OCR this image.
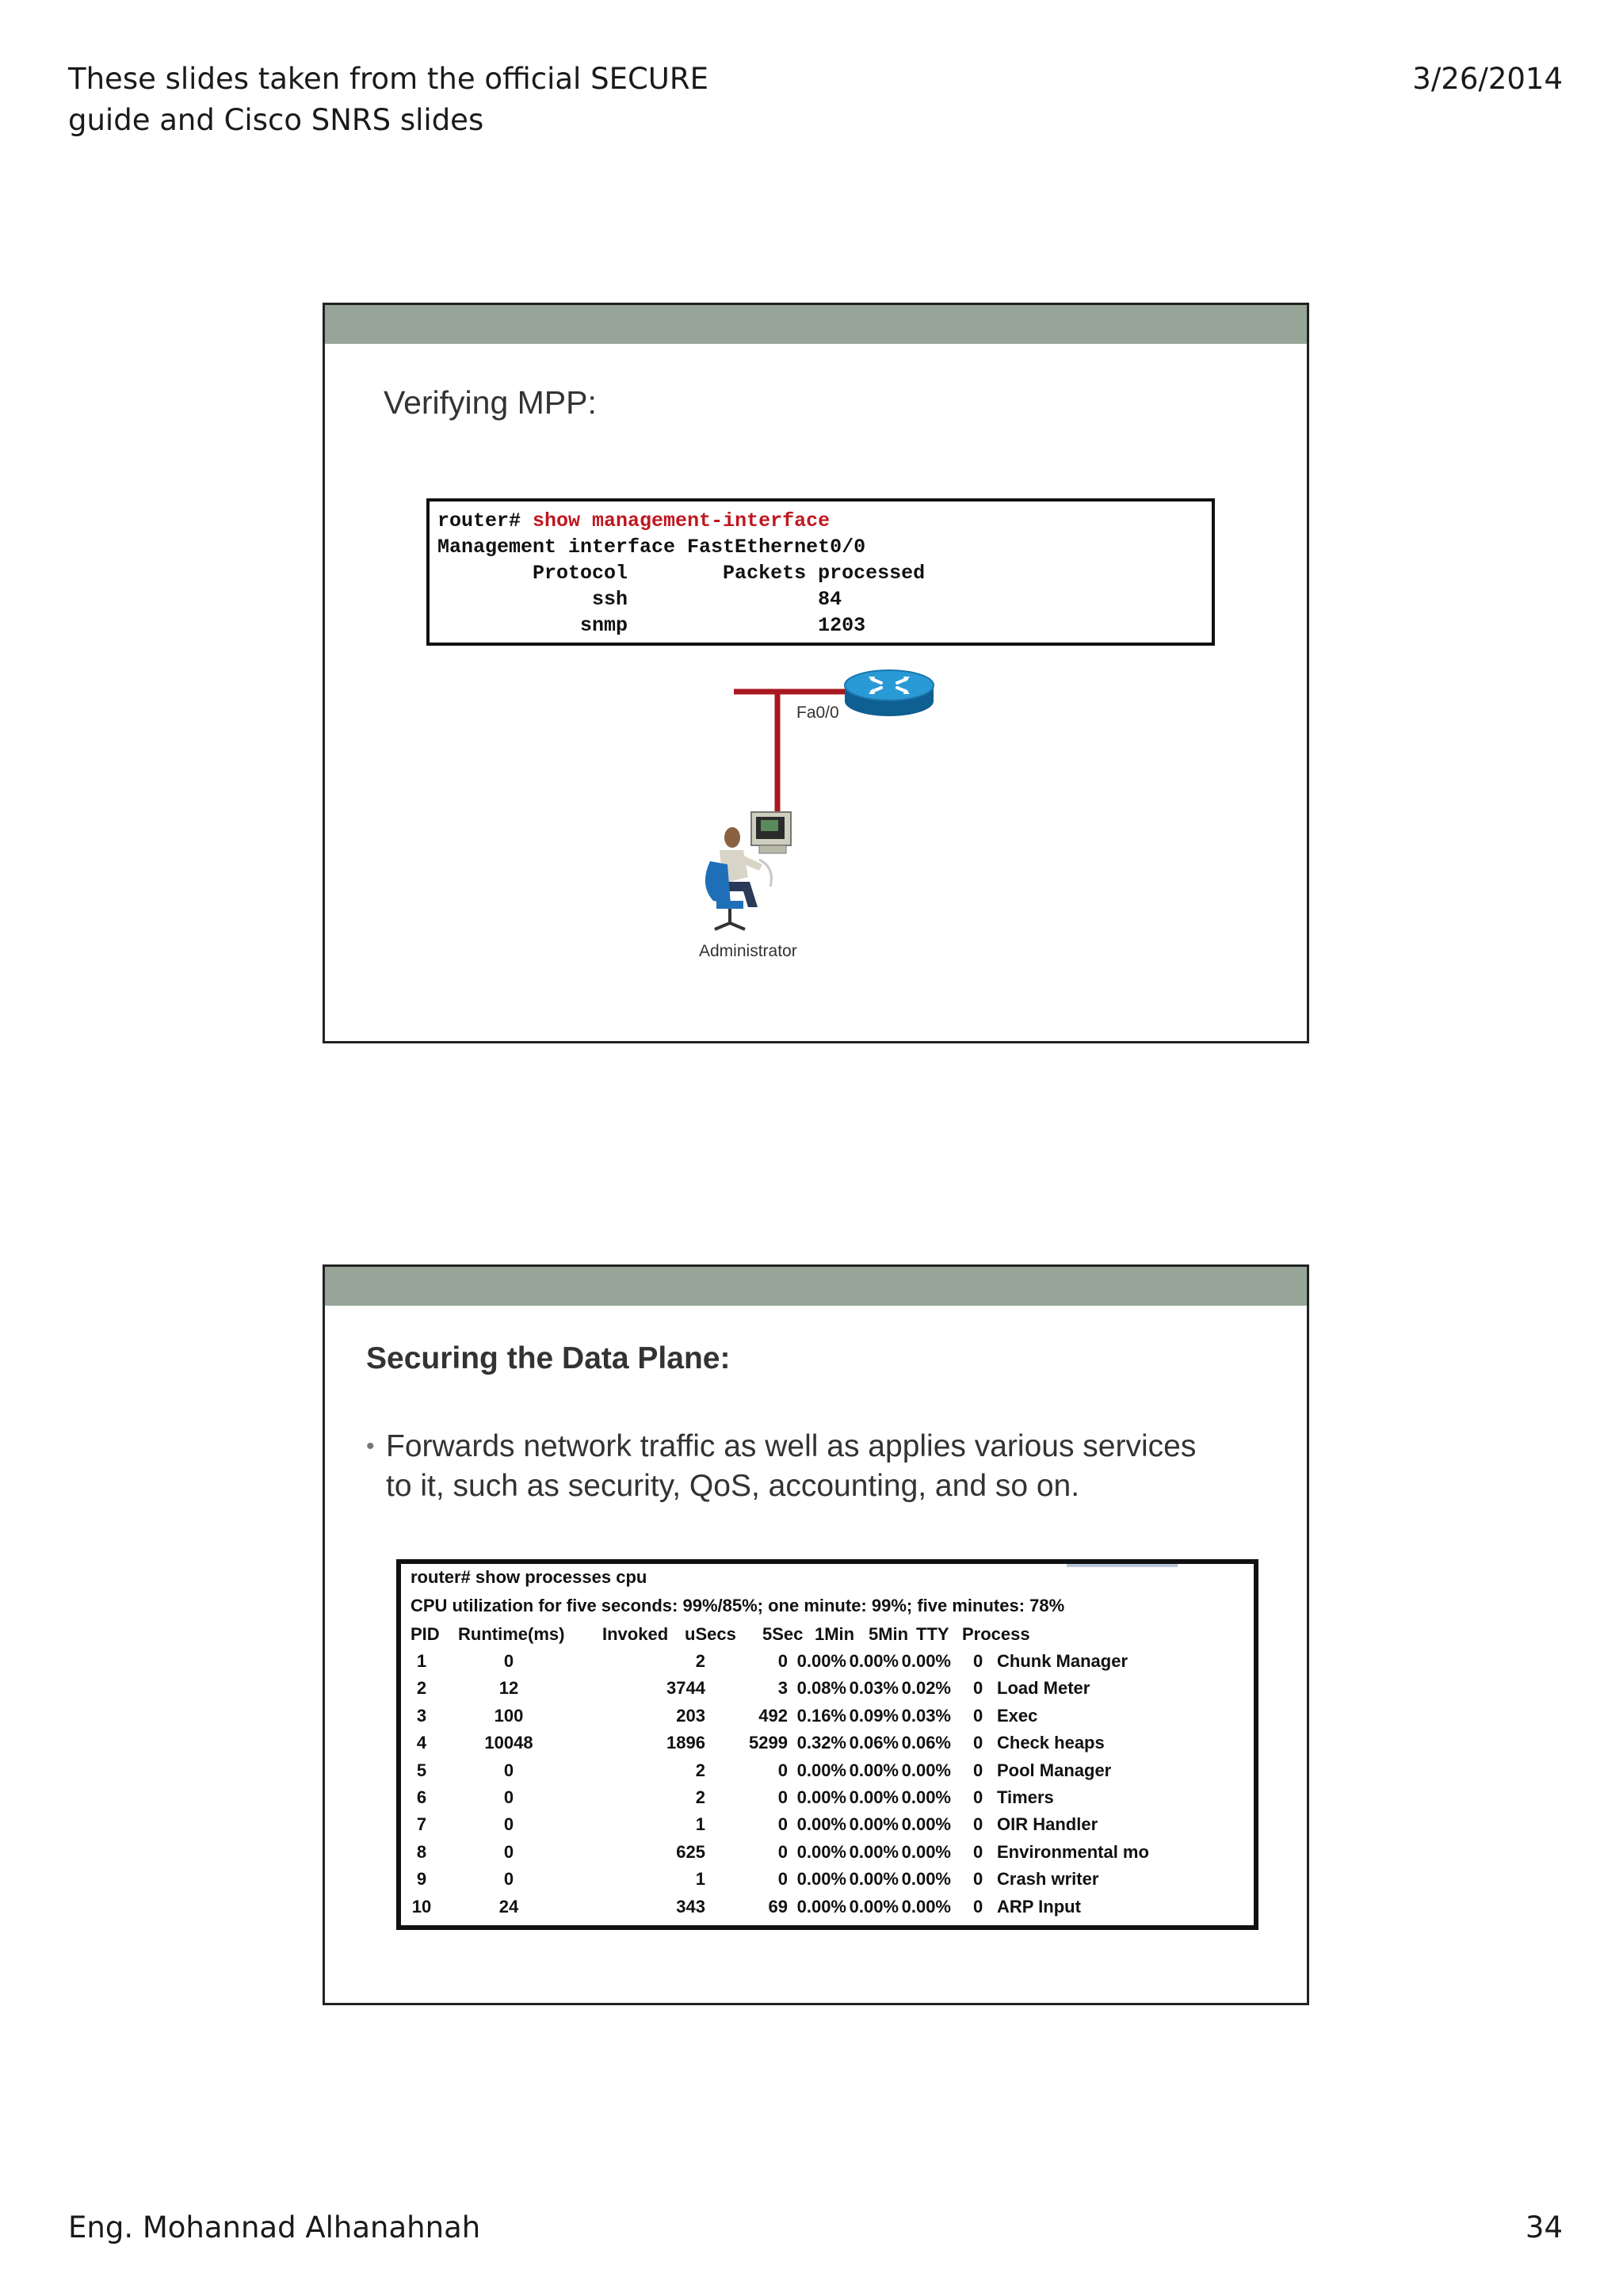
These slides taken from the official SECURE
guide and Cisco SNRS slides
3/26/2014
Eng. Mohannad Alhanahnah	34
Verifying MPP:
router# show management-interface
Management interface FastEthernet0/0
Protocol        Packets processed
ssh                84
snmp                1203
Fa0/0
Administrator
Securing the Data Plane:
• Forwards network traffic as well as applies various services
to it, such as security, QoS, accounting, and so on.
router# show processes cpu
CPU utilization for five seconds: 99%/85%; one minute: 99%; five minutes: 78%
PID Runtime(ms) Invoked uSecs 5Sec 1Min 5Min TTY Process
1	0	2	0 0.00% 0.00% 0.00% 0 Chunk Manager
2	12	3744	3 0.08% 0.03% 0.02% 0 Load Meter
3	100	203	492 0.16% 0.09% 0.03% 0 Exec
4	10048	1896	5299 0.32% 0.06% 0.06% 0 Check heaps
5	0	2	0 0.00% 0.00% 0.00% 0 Pool Manager
6	0	2	0 0.00% 0.00% 0.00% 0 Timers
7	0	1	0 0.00% 0.00% 0.00% 0 OIR Handler
8	0	625	0 0.00% 0.00% 0.00% 0 Environmental mo
9	0	1	0 0.00% 0.00% 0.00% 0 Crash writer
10	24	343	69 0.00% 0.00% 0.00% 0 ARP Input
